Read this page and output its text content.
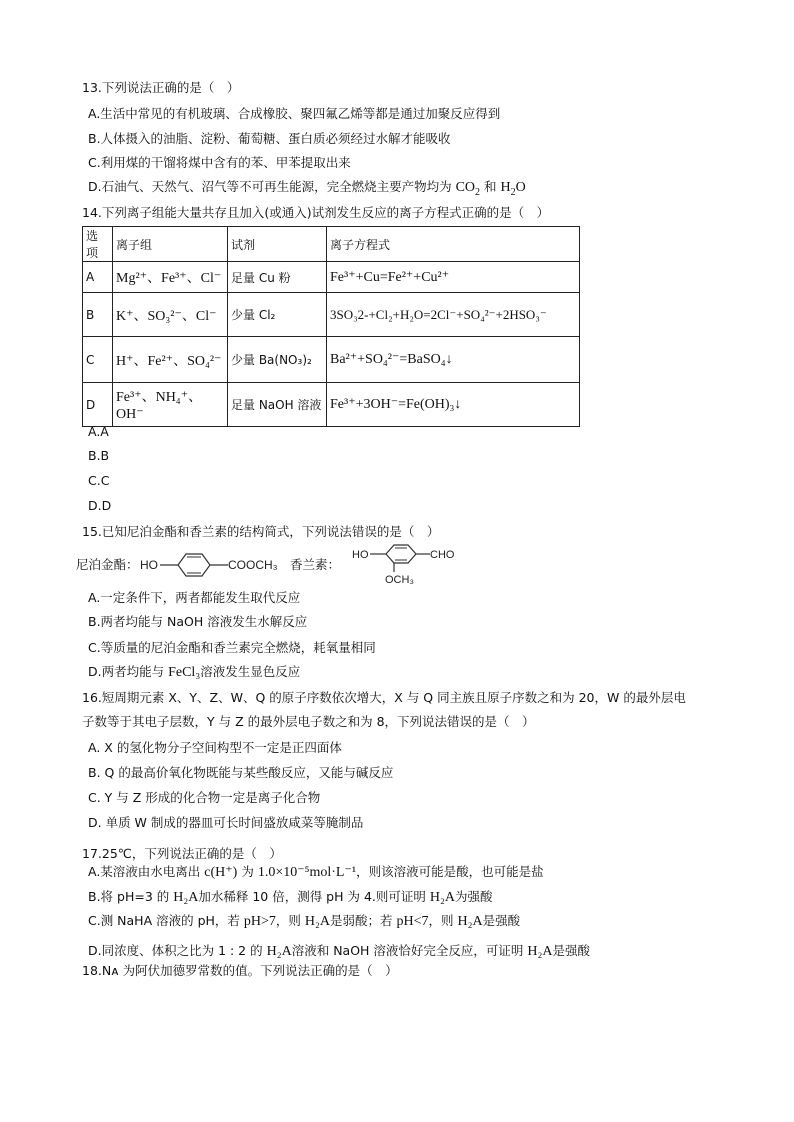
13.下列说法正确的是（　）
A.生活中常见的有机玻璃、合成橡胶、聚四氟乙烯等都是通过加聚反应得到
B.人体摄入的油脂、淀粉、葡萄糖、蛋白质必须经过水解才能吸收
C.利用煤的干馏将煤中含有的苯、甲苯提取出来
D.石油气、天然气、沼气等不可再生能源，完全燃烧主要产物均为 $CO_2$ 和 $H_2O$
14.下列离子组能大量共存且加入(或通入)试剂发生反应的离子方程式正确的是（　）
选项	离子组	试剂	离子方程式
A	Mg²⁺、Fe³⁺、Cl⁻	足量 Cu 粉	Fe³⁺+Cu=Fe²⁺+Cu²⁺
B	K⁺、SO₃²⁻、Cl⁻	少量 Cl₂	3SO₃2-+Cl₂+H₂O=2Cl⁻+SO₄²⁻+2HSO₃⁻
C	H⁺、Fe²⁺、SO₄²⁻	少量 Ba(NO₃)₂	Ba²⁺+SO₄²⁻=BaSO₄↓
D	Fe³⁺、NH₄⁺、OH⁻	足量 NaOH 溶液	Fe³⁺+3OH⁻=Fe(OH)₃↓
A.A
B.B
C.C
D.D
15.已知尼泊金酯和香兰素的结构简式，下列说法错误的是（　）
尼泊金酯： HO	COOCH₃ 香兰素：
HO	CHO
OCH₃
A.一定条件下，两者都能发生取代反应
B.两者均能与 NaOH 溶液发生水解反应
C.等质量的尼泊金酯和香兰素完全燃烧，耗氧量相同
D.两者均能与 FeCl₃溶液发生显色反应
16.短周期元素 X、Y、Z、W、Q 的原子序数依次增大，X 与 Q 同主族且原子序数之和为 20，W 的最外层电
子数等于其电子层数，Y 与 Z 的最外层电子数之和为 8，下列说法错误的是（　）
A. X 的氢化物分子空间构型不一定是正四面体
B. Q 的最高价氧化物既能与某些酸反应，又能与碱反应
C. Y 与 Z 形成的化合物一定是离子化合物
D. 单质 W 制成的器皿可长时间盛放咸菜等腌制品
17.25℃，下列说法正确的是（　）
A.某溶液由水电离出 c(H⁺) 为 1.0×10⁻⁵mol·L⁻¹，则该溶液可能是酸，也可能是盐
B.将 pH=3 的 H₂A加水稀释 10 倍，测得 pH 为 4.则可证明 H₂A为强酸
C.测 NaHA 溶液的 pH，若 pH>7，则 H₂A是弱酸；若 pH<7，则 H₂A是强酸
D.同浓度、体积之比为 1 : 2 的 H₂A溶液和 NaOH 溶液恰好完全反应，可证明 H₂A是强酸
18.Nᴀ 为阿伏加德罗常数的值。下列说法正确的是（　）
